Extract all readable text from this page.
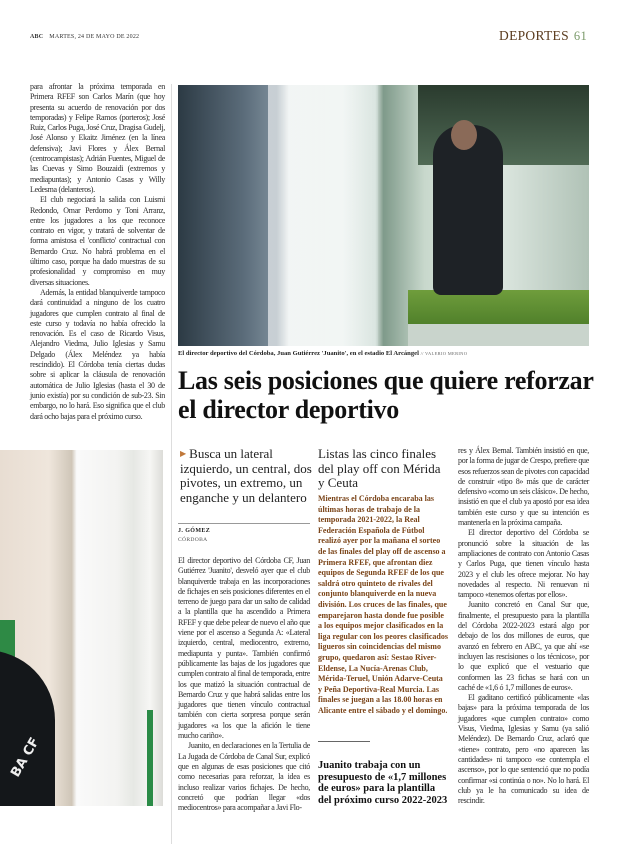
ABC MARTES, 24 DE MAYO DE 2022	DEPORTES 61

para afrontar la próxima temporada en Primera RFEF son Carlos Marín (que hoy presenta su acuerdo de renovación por dos temporadas) y Felipe Ramos (porteros); José Ruiz, Carlos Puga, José Cruz, Dragisa Gudelj, José Alonso y Ekaitz Jiménez (en la línea defensiva); Javi Flores y Álex Bernal (centrocampistas); Adrián Fuentes, Miguel de las Cuevas y Simo Bouzaidi (extremos y mediapuntas); y Antonio Casas y Willy Ledesma (delanteros).

El club negociará la salida con Luismi Redondo, Omar Perdomo y Toni Arranz, entre los jugadores a los que reconoce contrato en vigor, y tratará de solventar de forma amistosa el 'conflicto' contractual con Bernardo Cruz. No habrá problema en el último caso, porque ha dado muestras de su profesionalidad y compromiso en muy diversas situaciones.

Además, la entidad blanquiverde tampoco dará continuidad a ninguno de los cuatro jugadores que cumplen contrato al final de este curso y todavía no había ofrecido la renovación. Es el caso de Ricardo Visus, Alejandro Viedma, Julio Iglesias y Samu Delgado (Álex Meléndez ya había rescindido). El Córdoba tenía ciertas dudas sobre si aplicar la cláusula de renovación automática de Julio Iglesias (hasta el 30 de junio existía) por su condición de sub-23. Sin embargo, no lo hará. Eso significa que el club dará ocho bajas para el próximo curso.

El director deportivo del Córdoba, Juan Gutiérrez 'Juanito', en el estadio El Arcángel // VALERIO MERINO
Las seis posiciones que quiere reforzar el director deportivo
BA CF
▶ Busca un lateral izquierdo, un central, dos pivotes, un extremo, un enganche y un delantero
J. GÓMEZ
CÓRDOBA

El director deportivo del Córdoba CF, Juan Gutiérrez 'Juanito', desveló ayer que el club blanquiverde trabaja en las incorporaciones de fichajes en seis posiciones diferentes en el terreno de juego para dar un salto de calidad a la plantilla que ha ascendido a Primera RFEF y que debe pelear de nuevo el año que viene por el ascenso a Segunda A: «Lateral izquierdo, central, mediocentro, extremo, mediapunta y punta». También confirmó públicamente las bajas de los jugadores que cumplen contrato al final de temporada, entre los que matizó la situación contractual de Bernardo Cruz y que habrá salidas entre los jugadores que tienen vínculo contractual también con cierta sorpresa porque serán jugadores «a los que la afición le tiene mucho cariño».

Juanito, en declaraciones en la Tertulia de La Jugada de Córdoba de Canal Sur, explicó que en algunas de esas posiciones que citó como necesarias para reforzar, la idea es incluso realizar varios fichajes. De hecho, concretó que podrían llegar «dos mediocentros» para acompañar a Javi Flo-

Listas las cinco finales del play off con Mérida y Ceuta
Mientras el Córdoba encaraba las últimas horas de trabajo de la temporada 2021-2022, la Real Federación Española de Fútbol realizó ayer por la mañana el sorteo de las finales del play off de ascenso a Primera RFEF, que afrontan diez equipos de Segunda RFEF de los que saldrá otro quinteto de rivales del conjunto blanquiverde en la nueva división. Los cruces de las finales, que emparejaron hasta donde fue posible a los equipos mejor clasificados en la liga regular con los peores clasificados ligueros sin coincidencias del mismo grupo, quedaron así: Sestao River-Eldense, La Nucía-Arenas Club, Mérida-Teruel, Unión Adarve-Ceuta y Peña Deportiva-Real Murcia. Las finales se juegan a las 18.00 horas en Alicante entre el sábado y el domingo.
Juanito trabaja con un presupuesto de «1,7 millones de euros» para la plantilla del próximo curso 2022-2023

res y Álex Bernal. También insistió en que, por la forma de jugar de Crespo, prefiere que esos refuerzos sean de pivotes con capacidad de construir «tipo 8» más que de carácter defensivo «como un seis clásico». De hecho, insistió en que el club ya apostó por esa idea también este curso y que su intención es mantenerla en la próxima campaña.

El director deportivo del Córdoba se pronunció sobre la situación de las ampliaciones de contrato con Antonio Casas y Carlos Puga, que tienen vínculo hasta 2023 y el club les ofrece mejorar. No hay novedades al respecto. Ni renuevan ni tampoco «tenemos ofertas por ellos».

Juanito concretó en Canal Sur que, finalmente, el presupuesto para la plantilla del Córdoba 2022-2023 estará algo por debajo de los dos millones de euros, que avanzó en febrero en ABC, ya que ahí «se incluyen las rescisiones o los técnicos», por lo que explicó que el vestuario que conformen las 23 fichas se hará con un caché de «1,6 ó 1,7 millones de euros».

El gaditano certificó públicamente «las bajas» para la próxima temporada de los jugadores «que cumplen contrato» como Visus, Viedma, Iglesias y Samu (ya salió Meléndez). De Bernardo Cruz, aclaró que «tiene» contrato, pero «no aparecen las cantidades» ni tampoco «se contempla el ascenso», por lo que sentenció que no podía confirmar «si continúa o no». No lo hará. El club ya le ha comunicado su idea de rescindir.
